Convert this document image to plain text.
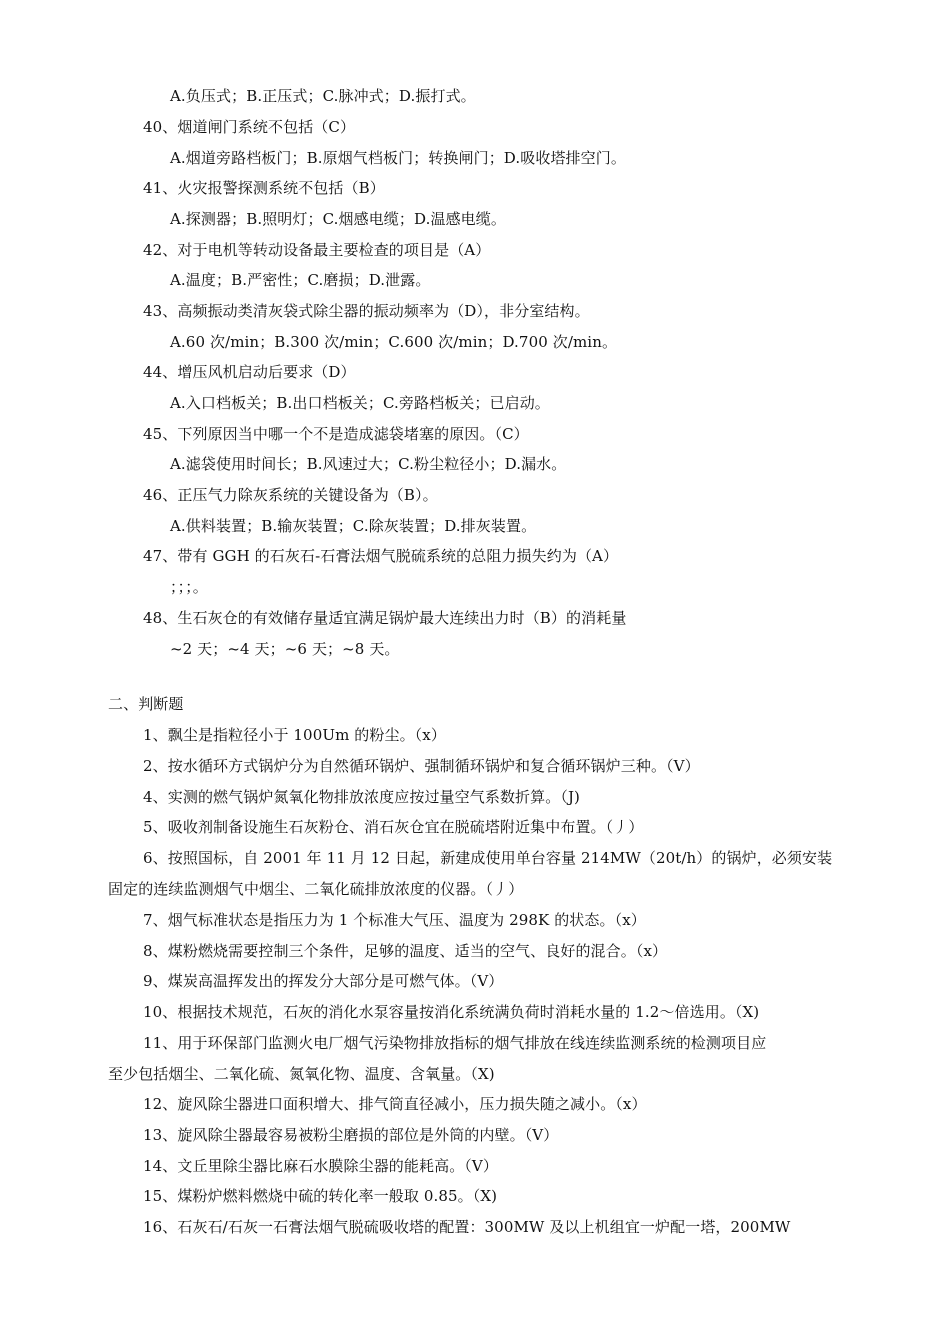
A.负压式；B.正压式；C.脉冲式；D.振打式。
40、烟道闸门系统不包括（C）
A.烟道旁路档板门；B.原烟气档板门；转换闸门；D.吸收塔排空门。
41、火灾报警探测系统不包括（B）
A.探测器；B.照明灯；C.烟感电缆；D.温感电缆。
42、对于电机等转动设备最主要检查的项目是（A）
A.温度；B.严密性；C.磨损；D.泄露。
43、高频振动类清灰袋式除尘器的振动频率为（D），非分室结构。
A.60 次/min；B.300 次/min；C.600 次/min；D.700 次/min。
44、增压风机启动后要求（D）
A.入口档板关；B.出口档板关；C.旁路档板关；已启动。
45、下列原因当中哪一个不是造成滤袋堵塞的原因。（C）
A.滤袋使用时间长；B.风速过大；C.粉尘粒径小；D.漏水。
46、正压气力除灰系统的关键设备为（B）。
A.供料装置；B.输灰装置；C.除灰装置；D.排灰装置。
47、带有 GGH 的石灰石-石膏法烟气脱硫系统的总阻力损失约为（A）
；；；。
48、生石灰仓的有效储存量适宜满足锅炉最大连续出力时（B）的消耗量
~2 天；~4 天；~6 天；~8 天。
二、判断题
1、飘尘是指粒径小于 100Um 的粉尘。（x）
2、按水循环方式锅炉分为自然循环锅炉、强制循环锅炉和复合循环锅炉三种。（V）
4、实测的燃气锅炉氮氧化物排放浓度应按过量空气系数折算。（J)
5、吸收剂制备设施生石灰粉仓、消石灰仓宜在脱硫塔附近集中布置。（丿）
6、按照国标，自 2001 年 11 月 12 日起，新建成使用单台容量 214MW（20t/h）的锅炉，必须安装
固定的连续监测烟气中烟尘、二氧化硫排放浓度的仪器。（丿）
7、烟气标准状态是指压力为 1 个标准大气压、温度为 298K 的状态。（x）
8、煤粉燃烧需要控制三个条件，足够的温度、适当的空气、良好的混合。（x）
9、煤炭高温挥发出的挥发分大部分是可燃气体。（V）
10、根据技术规范，石灰的消化水泵容量按消化系统满负荷时消耗水量的 1.2〜倍选用。（X)
11、用于环保部门监测火电厂烟气污染物排放指标的烟气排放在线连续监测系统的检测项目应
至少包括烟尘、二氧化硫、氮氧化物、温度、含氧量。（X)
12、旋风除尘器进口面积增大、排气筒直径减小，压力损失随之减小。（x）
13、旋风除尘器最容易被粉尘磨损的部位是外筒的内壁。（V）
14、文丘里除尘器比麻石水膜除尘器的能耗高。（V）
15、煤粉炉燃料燃烧中硫的转化率一般取 0.85。（X)
16、石灰石/石灰一石膏法烟气脱硫吸收塔的配置：300MW 及以上机组宜一炉配一塔，200MW
